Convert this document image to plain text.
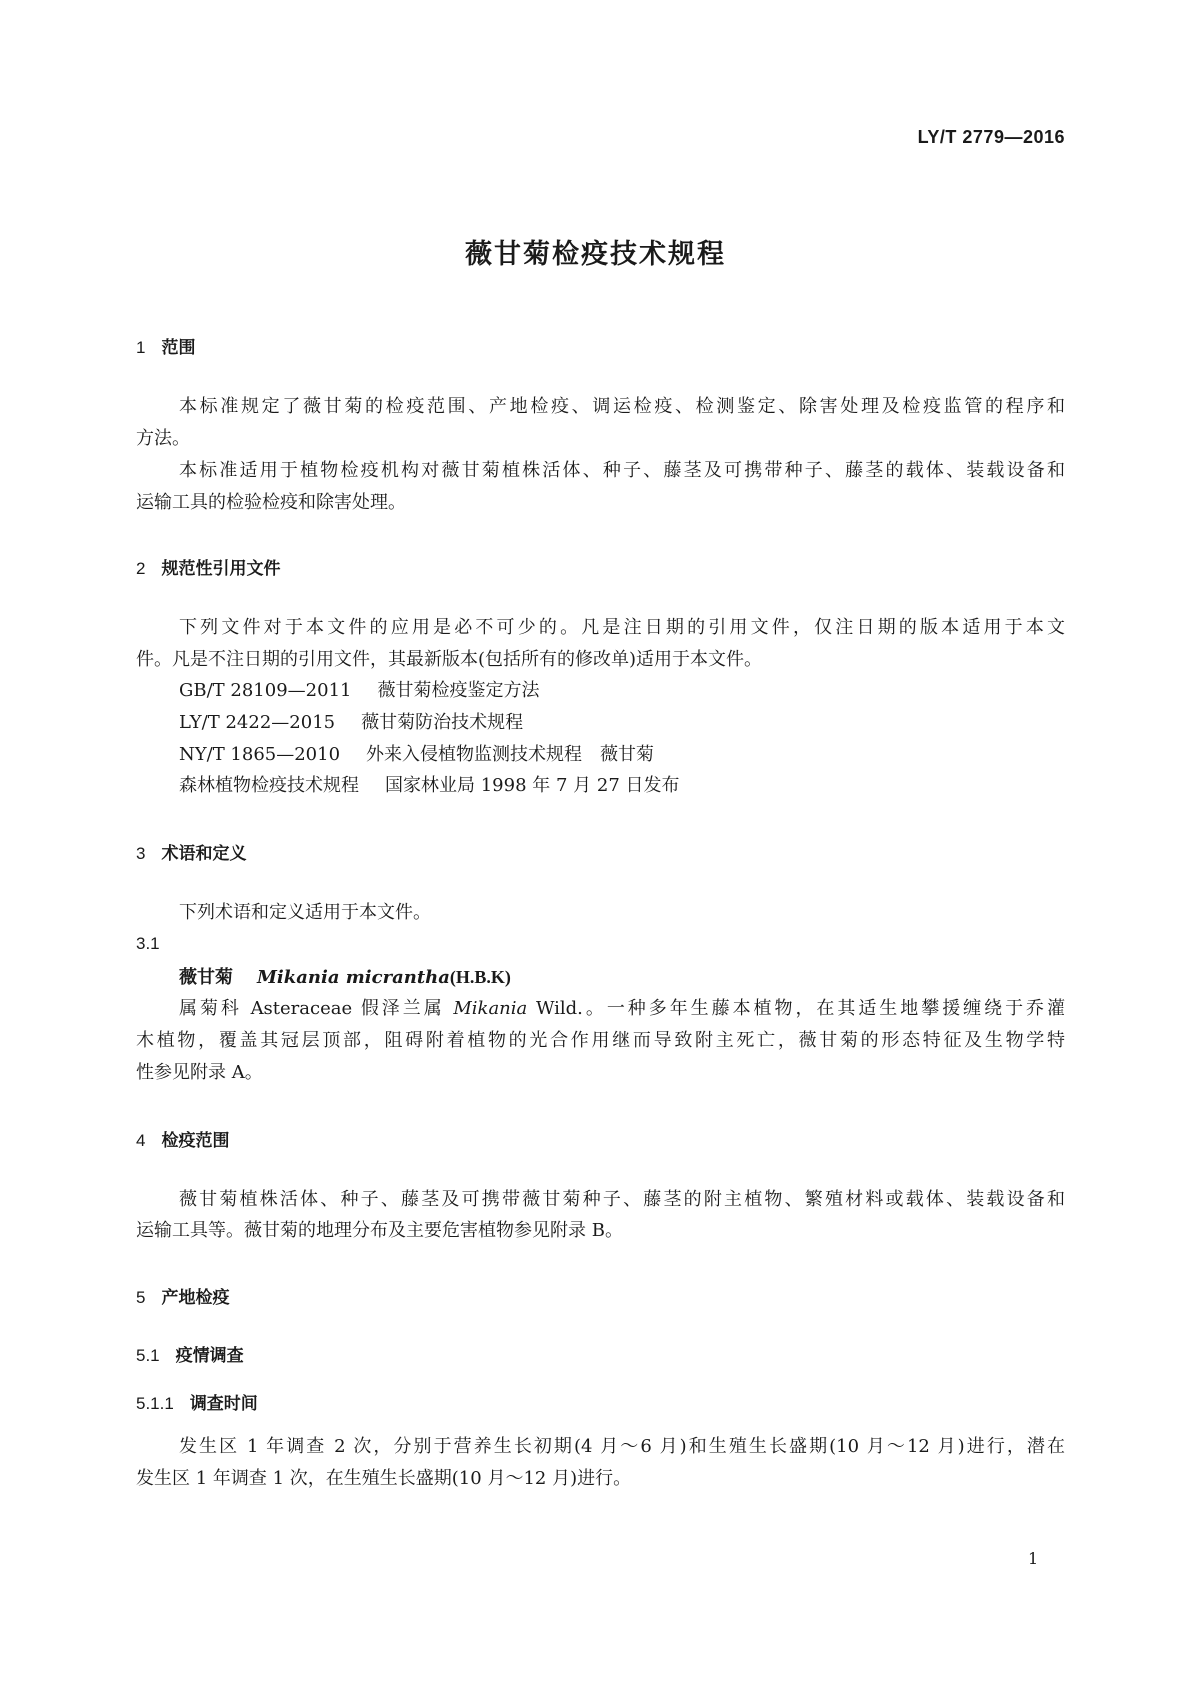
LY/T 2779—2016
薇甘菊检疫技术规程
1 范围
本标准规定了薇甘菊的检疫范围、产地检疫、调运检疫、检测鉴定、除害处理及检疫监管的程序和
方法。
本标准适用于植物检疫机构对薇甘菊植株活体、种子、藤茎及可携带种子、藤茎的载体、装载设备和
运输工具的检验检疫和除害处理。
2 规范性引用文件
下列文件对于本文件的应用是必不可少的。凡是注日期的引用文件，仅注日期的版本适用于本文
件。凡是不注日期的引用文件，其最新版本(包括所有的修改单)适用于本文件。
GB/T 28109—2011 薇甘菊检疫鉴定方法
LY/T 2422—2015 薇甘菊防治技术规程
NY/T 1865—2010 外来入侵植物监测技术规程　薇甘菊
森林植物检疫技术规程 国家林业局 1998 年 7 月 27 日发布
3 术语和定义
下列术语和定义适用于本文件。
3.1
薇甘菊 Mikania micrantha(H.B.K)
属菊科 Asteraceae 假泽兰属 Mikania Wild.。一种多年生藤本植物，在其适生地攀援缠绕于乔灌
木植物，覆盖其冠层顶部，阻碍附着植物的光合作用继而导致附主死亡，薇甘菊的形态特征及生物学特
性参见附录 A。
4 检疫范围
薇甘菊植株活体、种子、藤茎及可携带薇甘菊种子、藤茎的附主植物、繁殖材料或载体、装载设备和
运输工具等。薇甘菊的地理分布及主要危害植物参见附录 B。
5 产地检疫
5.1 疫情调查
5.1.1 调查时间
发生区 1 年调查 2 次，分别于营养生长初期(4 月～6 月)和生殖生长盛期(10 月～12 月)进行，潜在
发生区 1 年调查 1 次，在生殖生长盛期(10 月～12 月)进行。
1
